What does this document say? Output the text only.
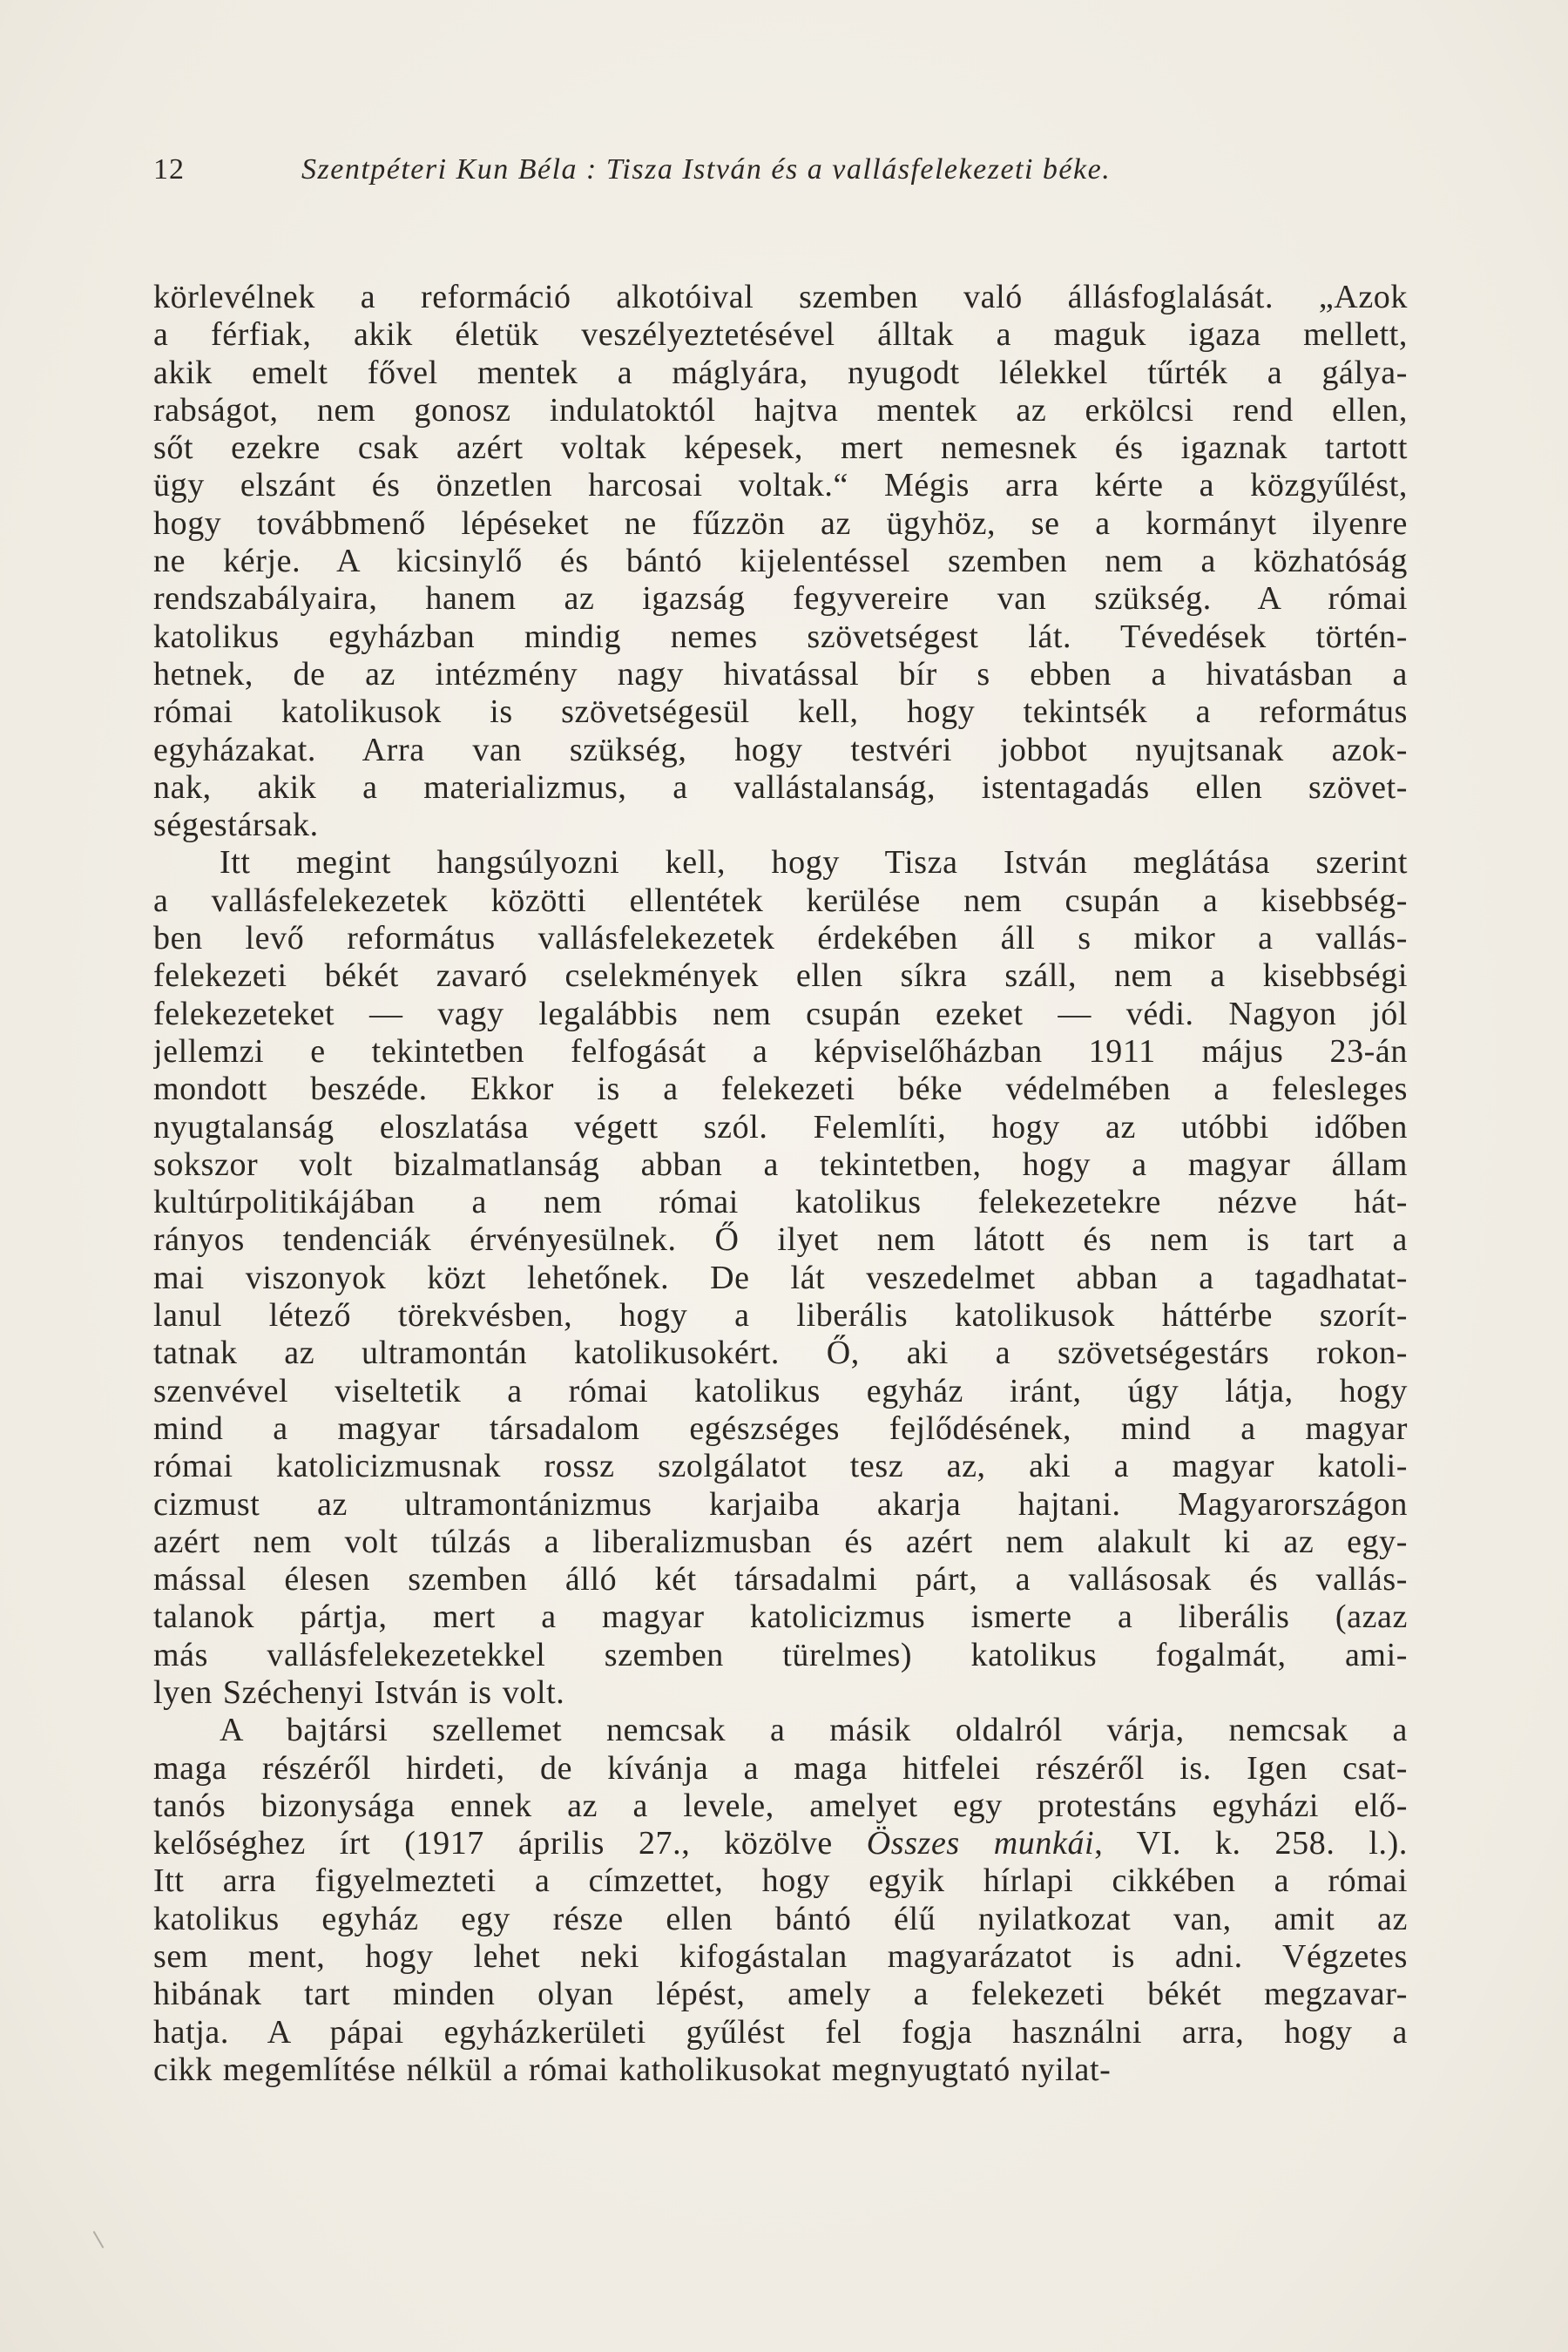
12	Szentpéteri Kun Béla : Tisza István és a vallásfelekezeti béke.

körlevélnek a reformáció alkotóival szemben való állásfoglalását. „Azok
a férfiak, akik életük veszélyeztetésével álltak a maguk igaza mellett,
akik emelt fővel mentek a máglyára, nyugodt lélekkel tűrték a gálya-
rabságot, nem gonosz indulatoktól hajtva mentek az erkölcsi rend ellen,
sőt ezekre csak azért voltak képesek, mert nemesnek és igaznak tartott
ügy elszánt és önzetlen harcosai voltak.“ Mégis arra kérte a közgyűlést,
hogy továbbmenő lépéseket ne fűzzön az ügyhöz, se a kormányt ilyenre
ne kérje. A kicsinylő és bántó kijelentéssel szemben nem a közhatóság
rendszabályaira, hanem az igazság fegyvereire van szükség. A római
katolikus egyházban mindig nemes szövetségest lát. Tévedések történ-
hetnek, de az intézmény nagy hivatással bír s ebben a hivatásban a
római katolikusok is szövetségesül kell, hogy tekintsék a református
egyházakat. Arra van szükség, hogy testvéri jobbot nyujtsanak azok-
nak, akik a materializmus, a vallástalanság, istentagadás ellen szövet-
ségestársak.

Itt megint hangsúlyozni kell, hogy Tisza István meglátása szerint
a vallásfelekezetek közötti ellentétek kerülése nem csupán a kisebbség-
ben levő református vallásfelekezetek érdekében áll s mikor a vallás-
felekezeti békét zavaró cselekmények ellen síkra száll, nem a kisebbségi
felekezeteket — vagy legalábbis nem csupán ezeket — védi. Nagyon jól
jellemzi e tekintetben felfogását a képviselőházban 1911 május 23-án
mondott beszéde. Ekkor is a felekezeti béke védelmében a felesleges
nyugtalanság eloszlatása végett szól. Felemlíti, hogy az utóbbi időben
sokszor volt bizalmatlanság abban a tekintetben, hogy a magyar állam
kultúrpolitikájában a nem római katolikus felekezetekre nézve hát-
rányos tendenciák érvényesülnek. Ő ilyet nem látott és nem is tart a
mai viszonyok közt lehetőnek. De lát veszedelmet abban a tagadhatat-
lanul létező törekvésben, hogy a liberális katolikusok háttérbe szorít-
tatnak az ultramontán katolikusokért. Ő, aki a szövetségestárs rokon-
szenvével viseltetik a római katolikus egyház iránt, úgy látja, hogy
mind a magyar társadalom egészséges fejlődésének, mind a magyar
római katolicizmusnak rossz szolgálatot tesz az, aki a magyar katoli-
cizmust az ultramontánizmus karjaiba akarja hajtani. Magyarországon
azért nem volt túlzás a liberalizmusban és azért nem alakult ki az egy-
mással élesen szemben álló két társadalmi párt, a vallásosak és vallás-
talanok pártja, mert a magyar katolicizmus ismerte a liberális (azaz
más vallásfelekezetekkel szemben türelmes) katolikus fogalmát, ami-
lyen Széchenyi István is volt.

A bajtársi szellemet nemcsak a másik oldalról várja, nemcsak a
maga részéről hirdeti, de kívánja a maga hitfelei részéről is. Igen csat-
tanós bizonysága ennek az a levele, amelyet egy protestáns egyházi elő-
kelőséghez írt (1917 április 27., közölve Összes munkái, VI. k. 258. l.).
Itt arra figyelmezteti a címzettet, hogy egyik hírlapi cikkében a római
katolikus egyház egy része ellen bántó élű nyilatkozat van, amit az
sem ment, hogy lehet neki kifogástalan magyarázatot is adni. Végzetes
hibának tart minden olyan lépést, amely a felekezeti békét megzavar-
hatja. A pápai egyházkerületi gyűlést fel fogja használni arra, hogy a
cikk megemlítése nélkül a római katholikusokat megnyugtató nyilat-
